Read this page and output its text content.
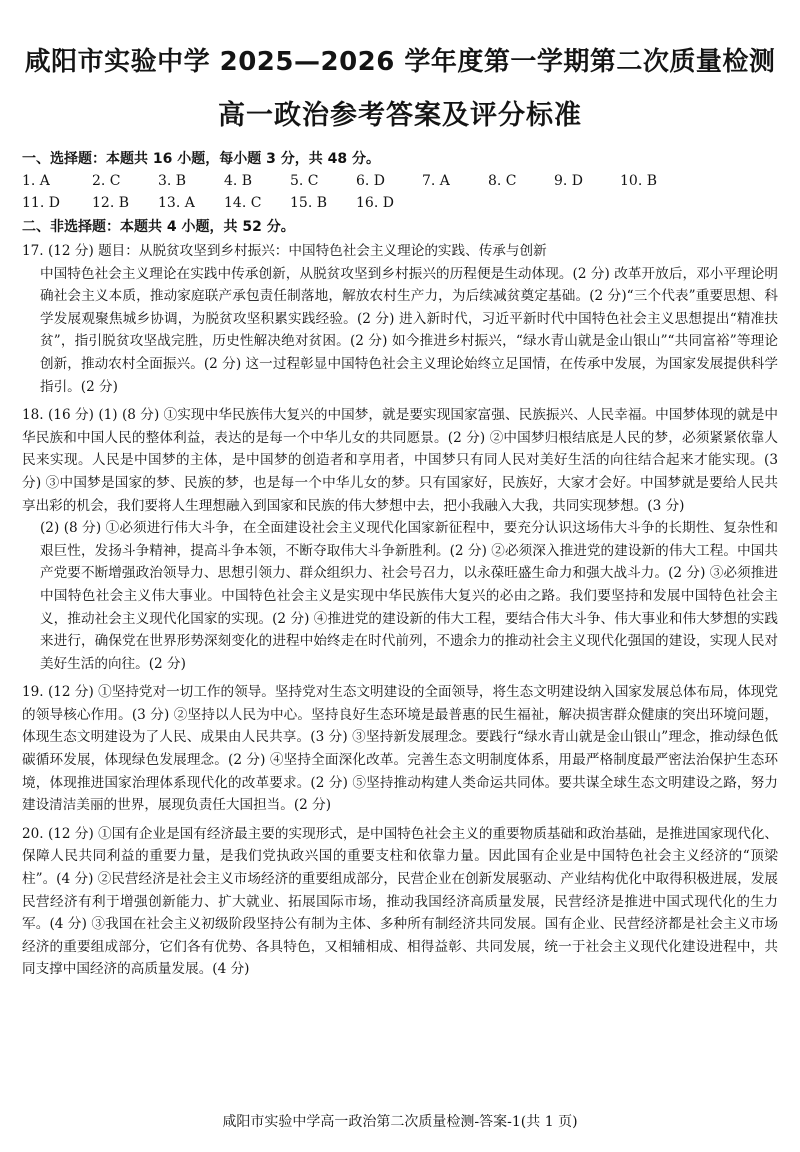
咸阳市实验中学 2025—2026 学年度第一学期第二次质量检测
高一政治参考答案及评分标准
一、选择题：本题共 16 小题，每小题 3 分，共 48 分。
1. A	2. C	3. B	4. B	5. C	6. D	7. A	8. C	9. D	10. B
11. D	12. B	13. A	14. C	15. B	16. D
二、非选择题：本题共 4 小题，共 52 分。
17. (12 分) 题目：从脱贫攻坚到乡村振兴：中国特色社会主义理论的实践、传承与创新
中国特色社会主义理论在实践中传承创新，从脱贫攻坚到乡村振兴的历程便是生动体现。(2 分) 改革开放后，邓小平理论明确社会主义本质，推动家庭联产承包责任制落地，解放农村生产力，为后续减贫奠定基础。(2 分)“三个代表”重要思想、科学发展观聚焦城乡协调，为脱贫攻坚积累实践经验。(2 分) 进入新时代，习近平新时代中国特色社会主义思想提出“精准扶贫”，指引脱贫攻坚战完胜，历史性解决绝对贫困。(2 分) 如今推进乡村振兴，“绿水青山就是金山银山”“共同富裕”等理论创新，推动农村全面振兴。(2 分) 这一过程彰显中国特色社会主义理论始终立足国情，在传承中发展，为国家发展提供科学指引。(2 分)
18. (16 分) (1) (8 分) ①实现中华民族伟大复兴的中国梦，就是要实现国家富强、民族振兴、人民幸福。中国梦体现的就是中华民族和中国人民的整体利益，表达的是每一个中华儿女的共同愿景。(2 分) ②中国梦归根结底是人民的梦，必须紧紧依靠人民来实现。人民是中国梦的主体，是中国梦的创造者和享用者，中国梦只有同人民对美好生活的向往结合起来才能实现。(3 分) ③中国梦是国家的梦、民族的梦，也是每一个中华儿女的梦。只有国家好，民族好，大家才会好。中国梦就是要给人民共享出彩的机会，我们要将人生理想融入到国家和民族的伟大梦想中去，把小我融入大我，共同实现梦想。(3 分)
(2) (8 分) ①必须进行伟大斗争，在全面建设社会主义现代化国家新征程中，要充分认识这场伟大斗争的长期性、复杂性和艰巨性，发扬斗争精神，提高斗争本领，不断夺取伟大斗争新胜利。(2 分) ②必须深入推进党的建设新的伟大工程。中国共产党要不断增强政治领导力、思想引领力、群众组织力、社会号召力，以永葆旺盛生命力和强大战斗力。(2 分) ③必须推进中国特色社会主义伟大事业。中国特色社会主义是实现中华民族伟大复兴的必由之路。我们要坚持和发展中国特色社会主义，推动社会主义现代化国家的实现。(2 分) ④推进党的建设新的伟大工程，要结合伟大斗争、伟大事业和伟大梦想的实践来进行，确保党在世界形势深刻变化的进程中始终走在时代前列，不遗余力的推动社会主义现代化强国的建设，实现人民对美好生活的向往。(2 分)
19. (12 分) ①坚持党对一切工作的领导。坚持党对生态文明建设的全面领导，将生态文明建设纳入国家发展总体布局，体现党的领导核心作用。(3 分) ②坚持以人民为中心。坚持良好生态环境是最普惠的民生福祉，解决损害群众健康的突出环境问题，体现生态文明建设为了人民、成果由人民共享。(3 分) ③坚持新发展理念。要践行“绿水青山就是金山银山”理念，推动绿色低碳循环发展，体现绿色发展理念。(2 分) ④坚持全面深化改革。完善生态文明制度体系，用最严格制度最严密法治保护生态环境，体现推进国家治理体系现代化的改革要求。(2 分) ⑤坚持推动构建人类命运共同体。要共谋全球生态文明建设之路，努力建设清洁美丽的世界，展现负责任大国担当。(2 分)
20. (12 分) ①国有企业是国有经济最主要的实现形式，是中国特色社会主义的重要物质基础和政治基础，是推进国家现代化、保障人民共同利益的重要力量，是我们党执政兴国的重要支柱和依靠力量。因此国有企业是中国特色社会主义经济的“顶梁柱”。(4 分) ②民营经济是社会主义市场经济的重要组成部分，民营企业在创新发展驱动、产业结构优化中取得积极进展，发展民营经济有利于增强创新能力、扩大就业、拓展国际市场，推动我国经济高质量发展，民营经济是推进中国式现代化的生力军。(4 分) ③我国在社会主义初级阶段坚持公有制为主体、多种所有制经济共同发展。国有企业、民营经济都是社会主义市场经济的重要组成部分，它们各有优势、各具特色，又相辅相成、相得益彰、共同发展，统一于社会主义现代化建设进程中，共同支撑中国经济的高质量发展。(4 分)
咸阳市实验中学高一政治第二次质量检测-答案-1(共 1 页)
